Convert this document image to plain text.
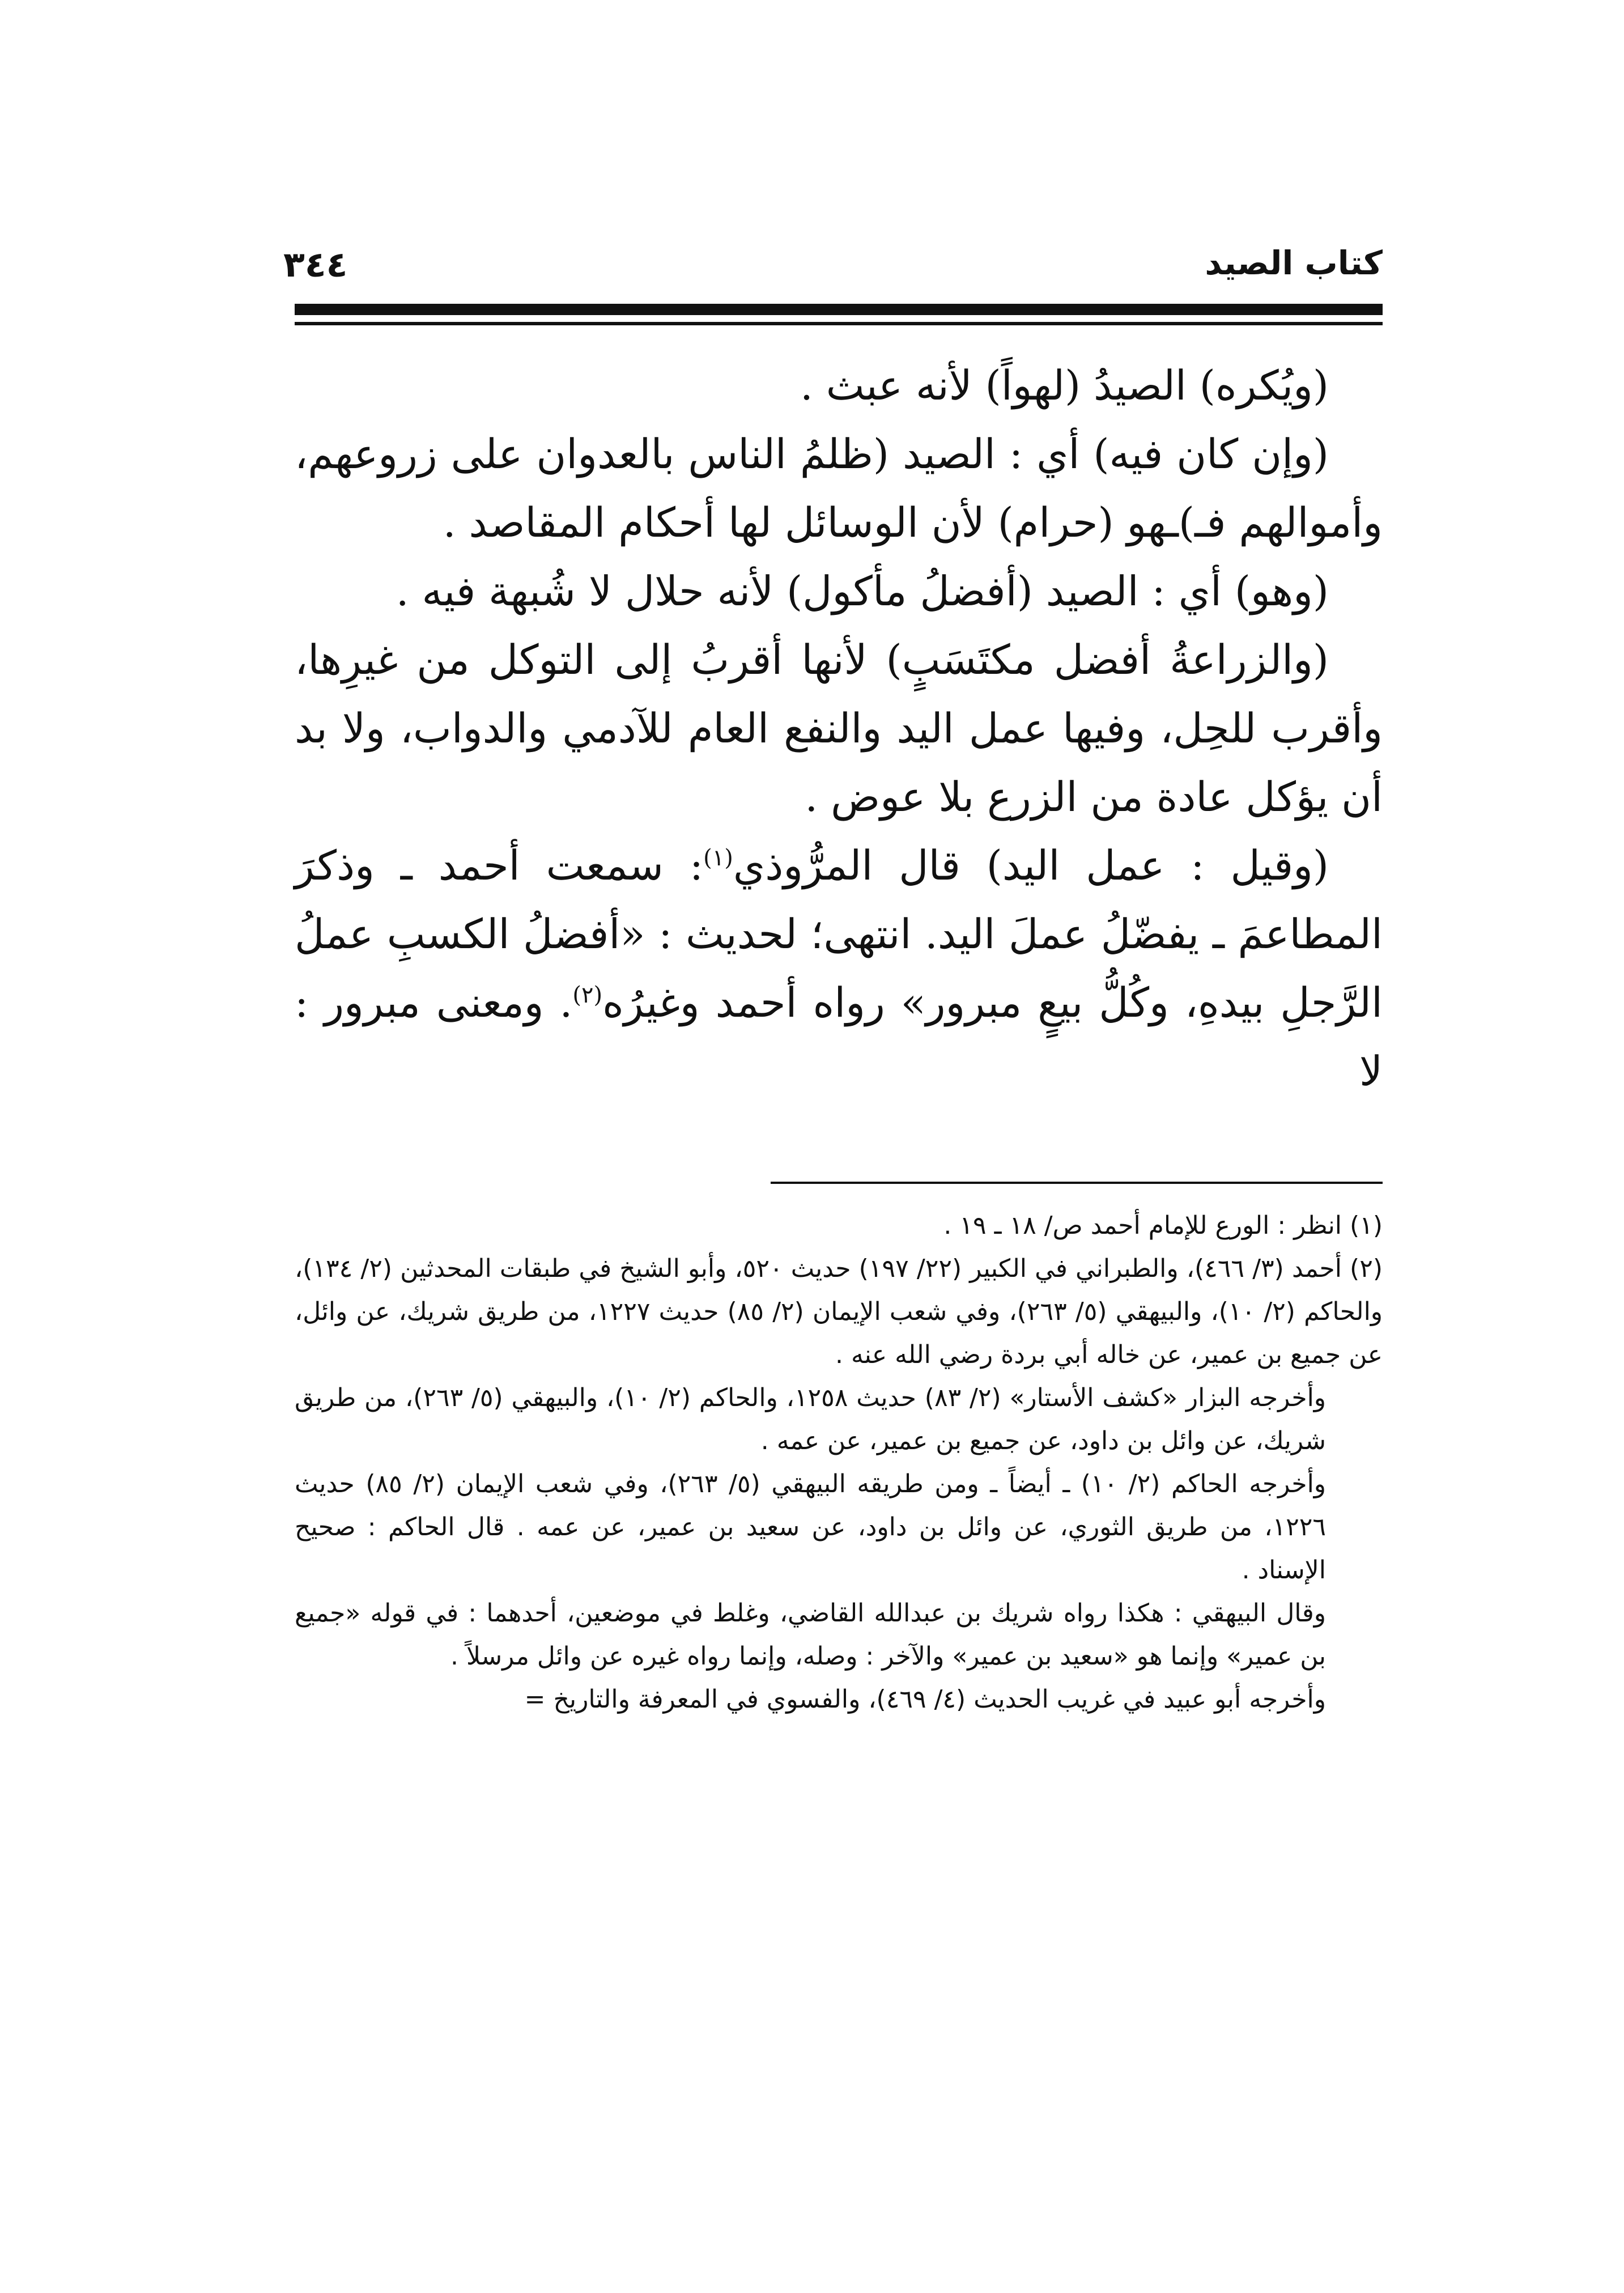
كتاب الصيد
٣٤٤

(ويُكره) الصيدُ (لهواً) لأنه عبث .

(وإن كان فيه) أي : الصيد (ظلمُ الناس بالعدوان على زروعهم، وأموالهم فـ)ـهو (حرام) لأن الوسائل لها أحكام المقاصد .

(وهو) أي : الصيد (أفضلُ مأكول) لأنه حلال لا شُبهة فيه .

(والزراعةُ أفضل مكتَسَبٍ) لأنها أقربُ إلى التوكل من غيرِها، وأقرب للحِل، وفيها عمل اليد والنفع العام للآدمي والدواب، ولا بد أن يؤكل عادة من الزرع بلا عوض .

(وقيل : عمل اليد) قال المرُّوذي$^{(١)}$: سمعت أحمد ـ وذكرَ المطاعمَ ـ يفضّلُ عملَ اليد. انتهى؛ لحديث : «أفضلُ الكسبِ عملُ الرَّجلِ بيدهِ، وكُلُّ بيعٍ مبرور» رواه أحمد وغيرُه$^{(٢)}$. ومعنى مبرور : لا

(١) انظر : الورع للإمام أحمد ص/ ١٨ ـ ١٩ .

(٢) أحمد (٣/ ٤٦٦)، والطبراني في الكبير (٢٢/ ١٩٧) حديث ٥٢٠، وأبو الشيخ في طبقات المحدثين (٢/ ١٣٤)، والحاكم (٢/ ١٠)، والبيهقي (٥/ ٢٦٣)، وفي شعب الإيمان (٢/ ٨٥) حديث ١٢٢٧، من طريق شريك، عن وائل، عن جميع بن عمير، عن خاله أبي بردة رضي الله عنه .

وأخرجه البزار «كشف الأستار» (٢/ ٨٣) حديث ١٢٥٨، والحاكم (٢/ ١٠)، والبيهقي (٥/ ٢٦٣)، من طريق شريك، عن وائل بن داود، عن جميع بن عمير، عن عمه .

وأخرجه الحاكم (٢/ ١٠) ـ أيضاً ـ ومن طريقه البيهقي (٥/ ٢٦٣)، وفي شعب الإيمان (٢/ ٨٥) حديث ١٢٢٦، من طريق الثوري، عن وائل بن داود، عن سعيد بن عمير، عن عمه . قال الحاكم : صحيح الإسناد .

وقال البيهقي : هكذا رواه شريك بن عبدالله القاضي، وغلط في موضعين، أحدهما : في قوله «جميع بن عمير» وإنما هو «سعيد بن عمير» والآخر : وصله، وإنما رواه غيره عن وائل مرسلاً .

وأخرجه أبو عبيد في غريب الحديث (٤/ ٤٦٩)، والفسوي في المعرفة والتاريخ =
